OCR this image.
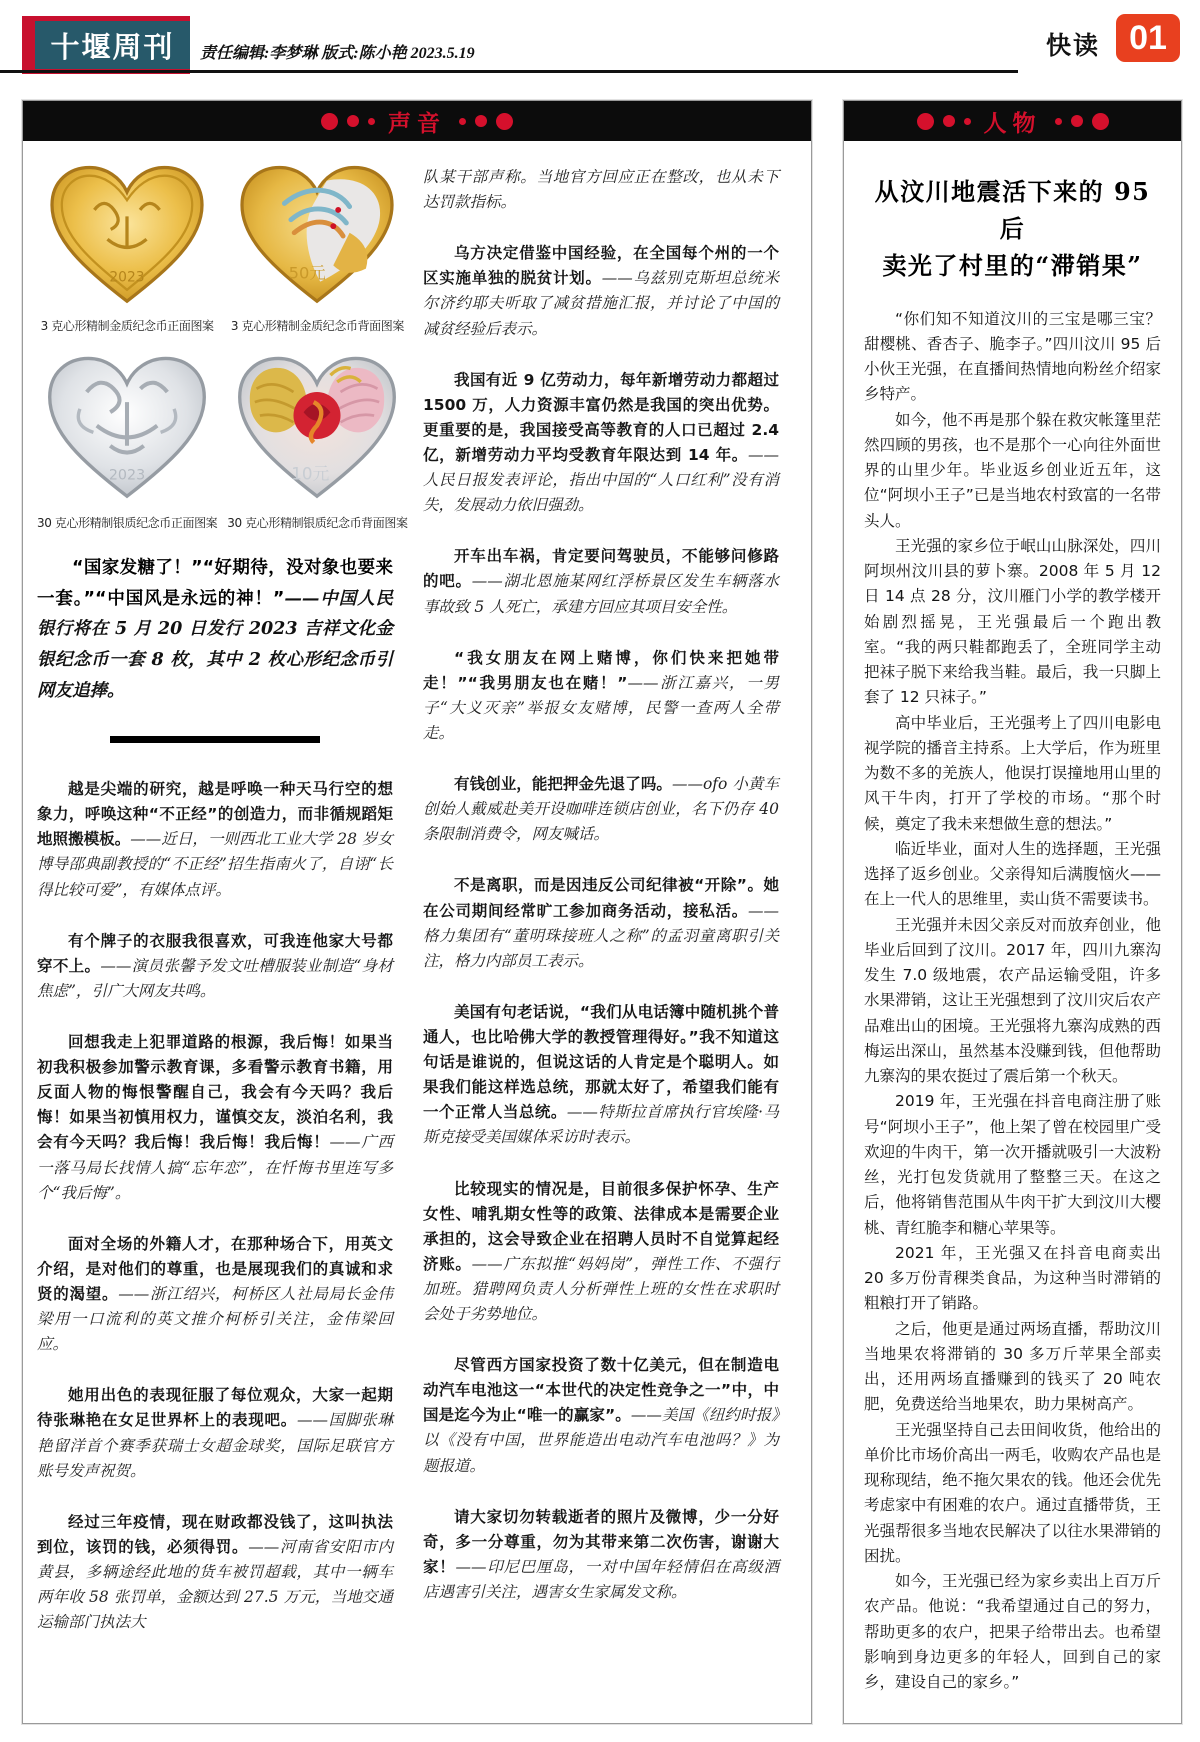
十堰周刊	责任编辑:李梦琳 版式:陈小艳 2023.5.19	快读 01
声音
2023
3 克心形精制金质纪念币正面图案
50元
3 克心形精制金质纪念币背面图案
2023
30 克心形精制银质纪念币正面图案
10元
30 克心形精制银质纪念币背面图案

“国家发糖了！”“好期待，没对象也要来一套。”“中国风是永远的神！”——中国人民银行将在 5 月 20 日发行 2023 吉祥文化金银纪念币一套 8 枚，其中 2 枚心形纪念币引网友追捧。

越是尖端的研究，越是呼唤一种天马行空的想象力，呼唤这种“不正经”的创造力，而非循规蹈矩地照搬模板。——近日，一则西北工业大学 28 岁女博导邵典副教授的“不正经”招生指南火了，自诩“长得比较可爱”，有媒体点评。

有个牌子的衣服我很喜欢，可我连他家大号都穿不上。——演员张馨予发文吐槽服装业制造“身材焦虑”，引广大网友共鸣。

回想我走上犯罪道路的根源，我后悔！如果当初我积极参加警示教育课，多看警示教育书籍，用反面人物的悔恨警醒自己，我会有今天吗？我后悔！如果当初慎用权力，谨慎交友，淡泊名利，我会有今天吗？我后悔！我后悔！我后悔！——广西一落马局长找情人搞“忘年恋”，在忏悔书里连写多个“我后悔”。

面对全场的外籍人才，在那种场合下，用英文介绍，是对他们的尊重，也是展现我们的真诚和求贤的渴望。——浙江绍兴，柯桥区人社局局长金伟梁用一口流利的英文推介柯桥引关注，金伟梁回应。

她用出色的表现征服了每位观众，大家一起期待张琳艳在女足世界杯上的表现吧。——国脚张琳艳留洋首个赛季获瑞士女超金球奖，国际足联官方账号发声祝贺。

经过三年疫情，现在财政都没钱了，这叫执法到位，该罚的钱，必须得罚。——河南省安阳市内黄县，多辆途经此地的货车被罚超载，其中一辆车两年收 58 张罚单，金额达到 27.5 万元，当地交通运输部门执法大

队某干部声称。当地官方回应正在整改，也从未下达罚款指标。

乌方决定借鉴中国经验，在全国每个州的一个区实施单独的脱贫计划。——乌兹别克斯坦总统米尔济约耶夫听取了减贫措施汇报，并讨论了中国的减贫经验后表示。

我国有近 9 亿劳动力，每年新增劳动力都超过 1500 万，人力资源丰富仍然是我国的突出优势。更重要的是，我国接受高等教育的人口已超过 2.4 亿，新增劳动力平均受教育年限达到 14 年。——人民日报发表评论，指出中国的“人口红利”没有消失，发展动力依旧强劲。

开车出车祸，肯定要问驾驶员，不能够问修路的吧。——湖北恩施某网红浮桥景区发生车辆落水事故致 5 人死亡，承建方回应其项目安全性。

“我女朋友在网上赌博，你们快来把她带走！”“我男朋友也在赌！”——浙江嘉兴，一男子“大义灭亲”举报女友赌博，民警一查两人全带走。

有钱创业，能把押金先退了吗。——ofo 小黄车创始人戴威赴美开设咖啡连锁店创业，名下仍存 40 条限制消费令，网友喊话。

不是离职，而是因违反公司纪律被“开除”。她在公司期间经常旷工参加商务活动，接私活。——格力集团有“董明珠接班人之称”的孟羽童离职引关注，格力内部员工表示。

美国有句老话说，“我们从电话簿中随机挑个普通人，也比哈佛大学的教授管理得好。”我不知道这句话是谁说的，但说这话的人肯定是个聪明人。如果我们能这样选总统，那就太好了，希望我们能有一个正常人当总统。——特斯拉首席执行官埃隆·马斯克接受美国媒体采访时表示。

比较现实的情况是，目前很多保护怀孕、生产女性、哺乳期女性等的政策、法律成本是需要企业承担的，这会导致企业在招聘人员时不自觉算起经济账。——广东拟推“妈妈岗”，弹性工作、不强行加班。猎聘网负责人分析弹性上班的女性在求职时会处于劣势地位。

尽管西方国家投资了数十亿美元，但在制造电动汽车电池这一“本世代的决定性竞争之一”中，中国是迄今为止“唯一的赢家”。——美国《纽约时报》以《没有中国，世界能造出电动汽车电池吗？》为题报道。

请大家切勿转载逝者的照片及微博，少一分好奇，多一分尊重，勿为其带来第二次伤害，谢谢大家！——印尼巴厘岛，一对中国年轻情侣在高级酒店遇害引关注，遇害女生家属发文称。

人物
从汶川地震活下来的 95 后
卖光了村里的“滞销果”

“你们知不知道汶川的三宝是哪三宝？甜樱桃、香杏子、脆李子。”四川汶川 95 后小伙王光强，在直播间热情地向粉丝介绍家乡特产。

如今，他不再是那个躲在救灾帐篷里茫然四顾的男孩，也不是那个一心向往外面世界的山里少年。毕业返乡创业近五年，这位“阿坝小王子”已是当地农村致富的一名带头人。

王光强的家乡位于岷山山脉深处，四川阿坝州汶川县的萝卜寨。2008 年 5 月 12 日 14 点 28 分，汶川雁门小学的教学楼开始剧烈摇晃，王光强最后一个跑出教室。“我的两只鞋都跑丢了，全班同学主动把袜子脱下来给我当鞋。最后，我一只脚上套了 12 只袜子。”

高中毕业后，王光强考上了四川电影电视学院的播音主持系。上大学后，作为班里为数不多的羌族人，他误打误撞地用山里的风干牛肉，打开了学校的市场。“那个时候，奠定了我未来想做生意的想法。”

临近毕业，面对人生的选择题，王光强选择了返乡创业。父亲得知后满腹恼火——在上一代人的思维里，卖山货不需要读书。

王光强并未因父亲反对而放弃创业，他毕业后回到了汶川。2017 年，四川九寨沟发生 7.0 级地震，农产品运输受阻，许多水果滞销，这让王光强想到了汶川灾后农产品难出山的困境。王光强将九寨沟成熟的西梅运出深山，虽然基本没赚到钱，但他帮助九寨沟的果农挺过了震后第一个秋天。

2019 年，王光强在抖音电商注册了账号“阿坝小王子”，他上架了曾在校园里广受欢迎的牛肉干，第一次开播就吸引一大波粉丝，光打包发货就用了整整三天。在这之后，他将销售范围从牛肉干扩大到汶川大樱桃、青红脆李和糖心苹果等。

2021 年，王光强又在抖音电商卖出 20 多万份青稞类食品，为这种当时滞销的粗粮打开了销路。

之后，他更是通过两场直播，帮助汶川当地果农将滞销的 30 多万斤苹果全部卖出，还用两场直播赚到的钱买了 20 吨农肥，免费送给当地果农，助力果树高产。

王光强坚持自己去田间收货，他给出的单价比市场价高出一两毛，收购农产品也是现称现结，绝不拖欠果农的钱。他还会优先考虑家中有困难的农户。通过直播带货，王光强帮很多当地农民解决了以往水果滞销的困扰。

如今，王光强已经为家乡卖出上百万斤农产品。他说：“我希望通过自己的努力，帮助更多的农户，把果子给带出去。也希望影响到身边更多的年轻人，回到自己的家乡，建设自己的家乡。”
